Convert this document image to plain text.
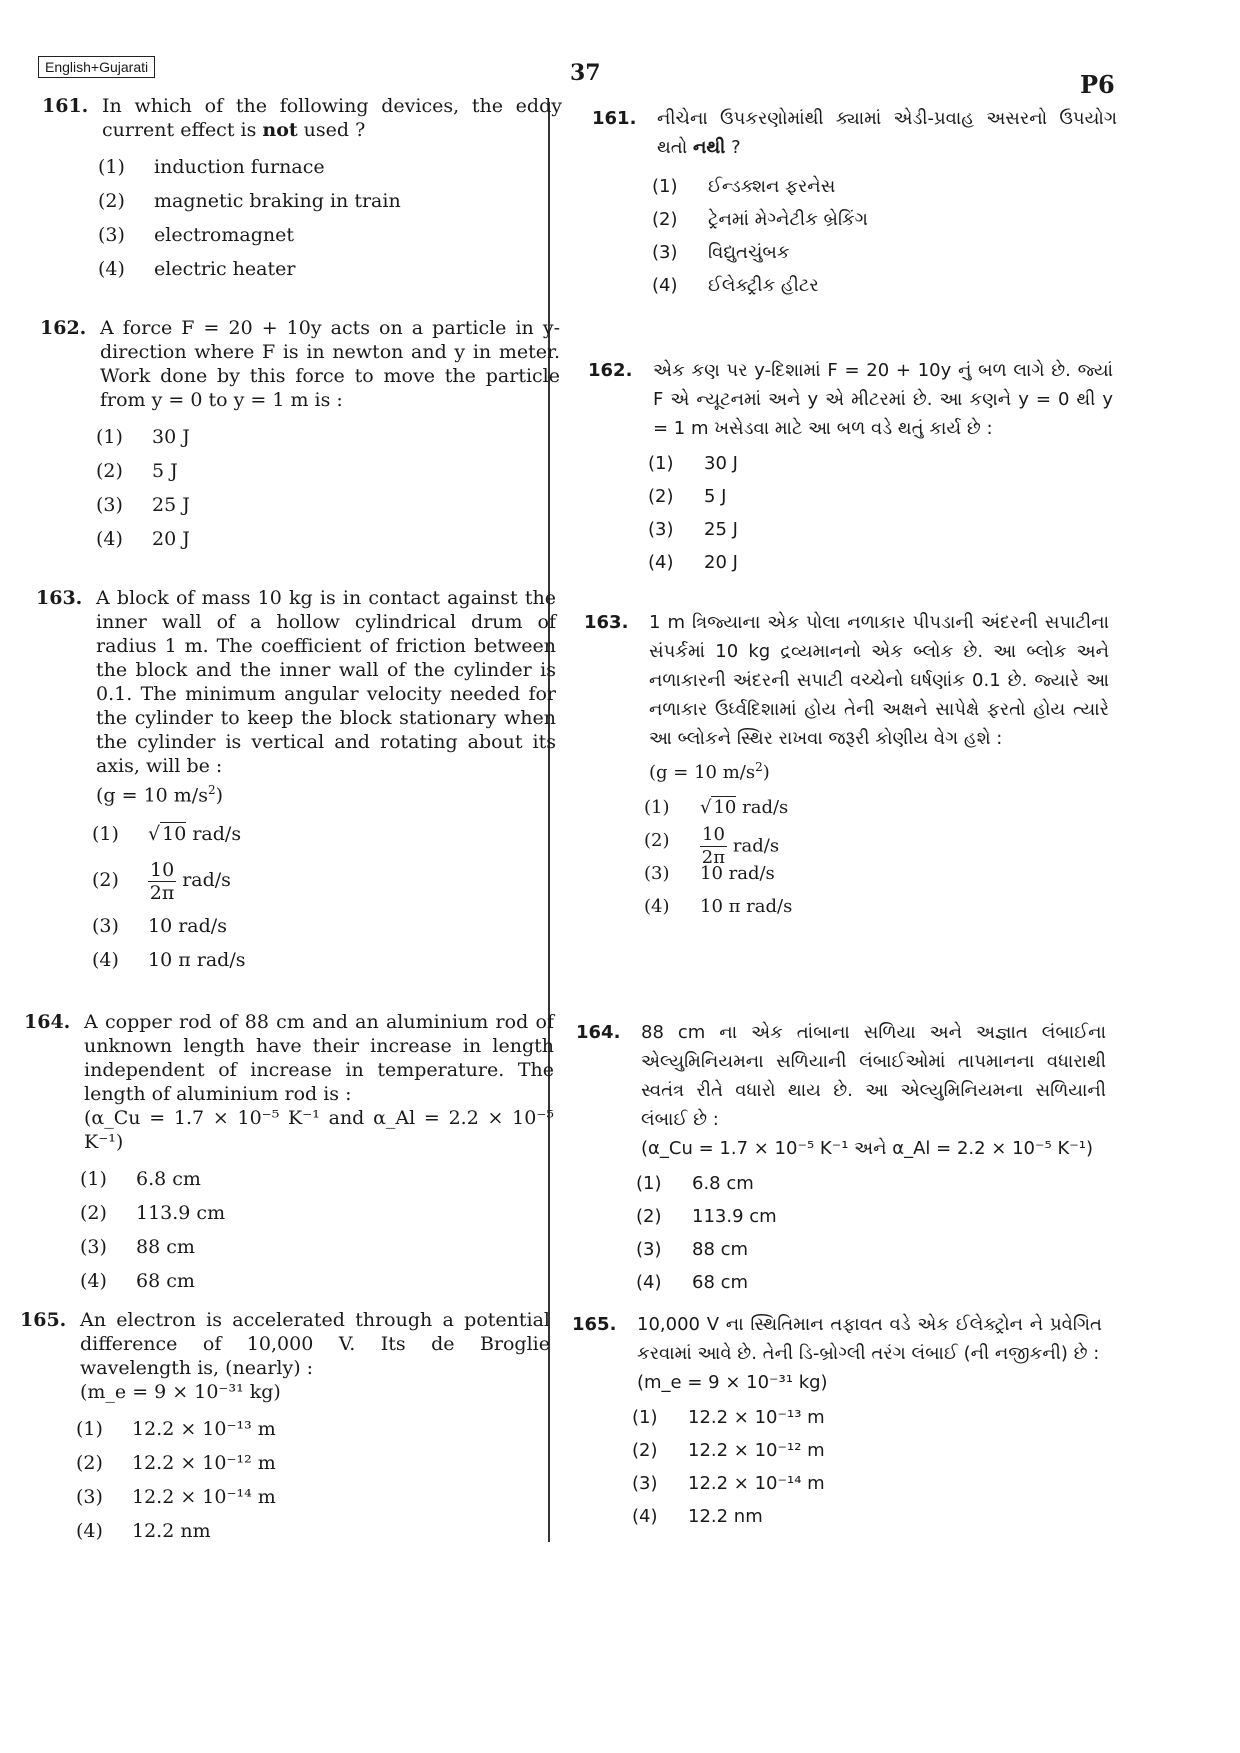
English+Gujarati	37	P6
161. In which of the following devices, the eddy current effect is not used ?
(1) induction furnace
(2) magnetic braking in train
(3) electromagnet
(4) electric heater
162. A force F = 20 + 10y acts on a particle in y-direction where F is in newton and y in meter. Work done by this force to move the particle from y = 0 to y = 1 m is :
(1) 30 J
(2) 5 J
(3) 25 J
(4) 20 J
163. A block of mass 10 kg is in contact against the inner wall of a hollow cylindrical drum of radius 1 m. The coefficient of friction between the block and the inner wall of the cylinder is 0.1. The minimum angular velocity needed for the cylinder to keep the block stationary when the cylinder is vertical and rotating about its axis, will be :
(g = 10 $m/s^2$)
(1) √ 10 rad/s
$(2) \frac{10}{2\pi} rad/s$
(3) 10 rad/s
(4) 10 π rad/s
164. A copper rod of 88 cm and an aluminium rod of unknown length have their increase in length independent of increase in temperature. The length of aluminium rod is :
(α_Cu = 1.7 × 10⁻⁵ K⁻¹ and α_Al = 2.2 × 10⁻⁵ K⁻¹)
(1) 6.8 cm
(2) 113.9 cm
(3) 88 cm
(4) 68 cm
165. An electron is accelerated through a potential difference of 10,000 V. Its de Broglie wavelength is, (nearly) :
(m_e = 9 × 10⁻³¹ kg)
(1) 12.2 × 10⁻¹³ m
(2) 12.2 × 10⁻¹² m
(3) 12.2 × 10⁻¹⁴ m
(4) 12.2 nm
161. નીચેના ઉપકરણોમાંથી ક્યામાં એડી-પ્રવાહ અસરનો ઉપયોગ થતો નથી ?
(1) ઈન્ડક્શન ફરનેસ
(2) ટ્રેનમાં મેગ્નેટીક બ્રેકિંગ
(3) વિદ્યુતચુંબક
(4) ઈલેક્ટ્રીક હીટર
162. એક કણ પર y-દિશામાં F = 20 + 10y નું બળ લાગે છે. જ્યાં F એ ન્યૂટનમાં અને y એ મીટરમાં છે. આ કણને y = 0 થી y = 1 m ખસેડવા માટે આ બળ વડે થતું કાર્ય છે :
(1) 30 J
(2) 5 J
(3) 25 J
(4) 20 J
163. 1 m ત્રિજ્યાના એક પોલા નળાકાર પીપડાની અંદરની સપાટીના સંપર્કમાં 10 kg દ્રવ્યમાનનો એક બ્લોક છે. આ બ્લોક અને નળાકારની અંદરની સપાટી વચ્ચેનો ઘર્ષણાંક 0.1 છે. જ્યારે આ નળાકાર ઉર્ધ્વદિશામાં હોય તેની અક્ષને સાપેક્ષે ફરતો હોય ત્યારે આ બ્લોકને સ્થિર રાખવા જરૂરી કોણીય વેગ હશે :
(g = 10 $m/s^2$)
(1) √ 10 rad/s
$(2) \frac{10}{2\pi} rad/s$
(3) 10 rad/s
(4) 10 π rad/s
164. 88 cm ના એક તાંબાના સળિયા અને અજ્ઞાત લંબાઈના એલ્યુમિનિયમના સળિયાની લંબાઈઓમાં તાપમાનના વધારાથી સ્વતંત્ર રીતે વધારો થાય છે. આ એલ્યુમિનિયમના સળિયાની લંબાઈ છે :
(α_Cu = 1.7 × 10⁻⁵ K⁻¹ અને α_Al = 2.2 × 10⁻⁵ K⁻¹)
(1) 6.8 cm
(2) 113.9 cm
(3) 88 cm
(4) 68 cm
165. 10,000 V ના સ્થિતિમાન તફાવત વડે એક ઈલેક્ટ્રોન ને પ્રવેગિત કરવામાં આવે છે. તેની ડિ-બ્રોગ્લી તરંગ લંબાઈ (ની નજીકની) છે :
(m_e = 9 × 10⁻³¹ kg)
(1) 12.2 × 10⁻¹³ m
(2) 12.2 × 10⁻¹² m
(3) 12.2 × 10⁻¹⁴ m
(4) 12.2 nm
